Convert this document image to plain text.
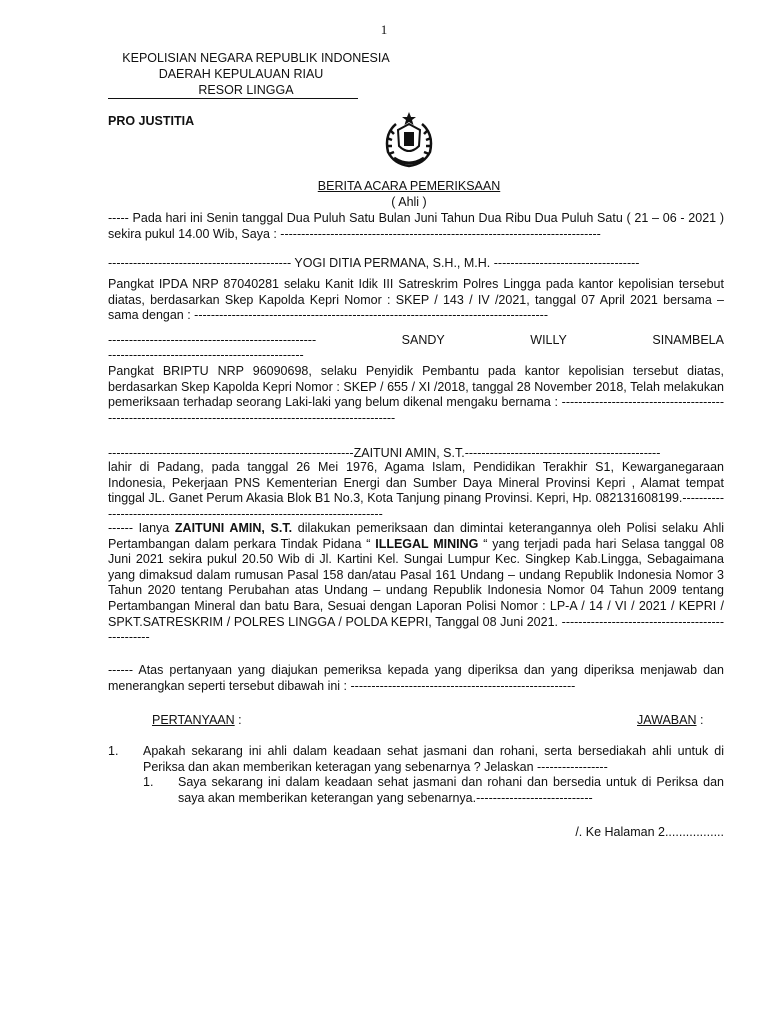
1
KEPOLISIAN NEGARA REPUBLIK INDONESIA
DAERAH KEPULAUAN RIAU
RESOR LINGGA
PRO JUSTITIA
BERITA ACARA PEMERIKSAAN
( Ahli )
----- Pada hari ini Senin tanggal Dua Puluh Satu Bulan Juni Tahun Dua Ribu Dua Puluh Satu ( 21 – 06 - 2021 ) sekira pukul 14.00 Wib, Saya : -----------------------------------------------------------------------------
-------------------------------------------- YOGI DITIA PERMANA, S.H., M.H. -----------------------------------
Pangkat IPDA NRP 87040281 selaku Kanit Idik III Satreskrim Polres Lingga pada kantor kepolisian tersebut diatas, berdasarkan Skep Kapolda Kepri Nomor : SKEP / 143 / IV /2021, tanggal 07 April 2021 bersama – sama dengan : -------------------------------------------------------------------------------------
--------------------------------------------------	SANDY	WILLY	SINAMBELA
-----------------------------------------------
Pangkat BRIPTU NRP 96090698, selaku Penyidik Pembantu pada kantor kepolisian tersebut diatas, berdasarkan Skep Kapolda Kepri Nomor : SKEP / 655 / XI /2018, tanggal 28 November 2018, Telah melakukan pemeriksaan terhadap seorang Laki-laki yang belum dikenal mengaku bernama : ------------------------------------------------------------------------------------------------------------
-----------------------------------------------------------ZAITUNI AMIN, S.T.-----------------------------------------------
lahir di Padang, pada tanggal 26 Mei 1976, Agama Islam, Pendidikan Terakhir S1, Kewarganegaraan Indonesia, Pekerjaan PNS Kementerian Energi dan Sumber Daya Mineral Provinsi Kepri , Alamat tempat tinggal JL. Ganet Perum Akasia Blok B1 No.3, Kota Tanjung pinang Provinsi. Kepri, Hp. 082131608199.----------------------------------------------------------------------------
------ Ianya ZAITUNI AMIN, S.T. dilakukan pemeriksaan dan dimintai keterangannya oleh Polisi selaku Ahli Pertambangan dalam perkara Tindak Pidana “ ILLEGAL MINING “ yang terjadi pada hari Selasa tanggal 08 Juni 2021 sekira pukul 20.50 Wib di Jl. Kartini Kel. Sungai Lumpur Kec. Singkep Kab.Lingga, Sebagaimana yang dimaksud dalam rumusan Pasal 158 dan/atau Pasal 161 Undang – undang Republik Indonesia Nomor 3 Tahun 2020 tentang Perubahan atas Undang – undang Republik Indonesia Nomor 04 Tahun 2009 tentang Pertambangan Mineral dan batu Bara, Sesuai dengan Laporan Polisi Nomor : LP-A / 14 / VI / 2021 / KEPRI / SPKT.SATRESKRIM / POLRES LINGGA / POLDA KEPRI, Tanggal 08 Juni 2021. -------------------------------------------------
------ Atas pertanyaan yang diajukan pemeriksa kepada yang diperiksa dan yang diperiksa menjawab dan menerangkan seperti tersebut dibawah ini : ------------------------------------------------------
PERTANYAAN :	JAWABAN :
1. Apakah sekarang ini ahli dalam keadaan sehat jasmani dan rohani, serta bersediakah ahli untuk di Periksa dan akan memberikan keteragan yang sebenarnya ? Jelaskan -----------------
1. Saya sekarang ini dalam keadaan sehat jasmani dan rohani dan bersedia untuk di Periksa dan saya akan memberikan keterangan yang sebenarnya.----------------------------
/. Ke Halaman 2.................
